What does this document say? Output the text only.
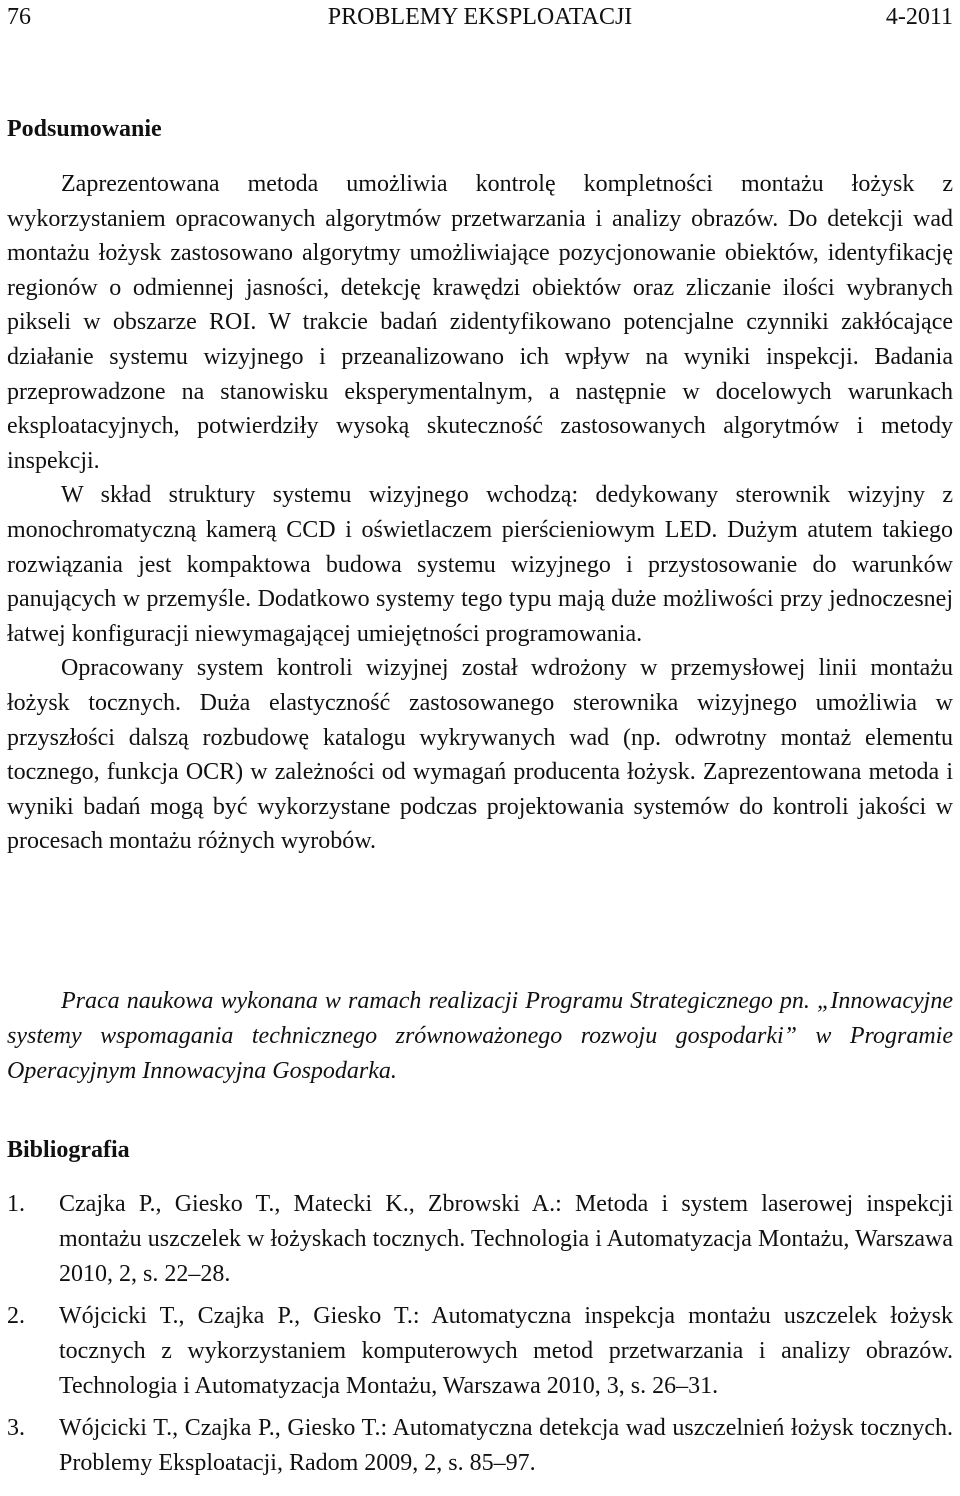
76	PROBLEMY EKSPLOATACJI	4-2011
Podsumowanie

Zaprezentowana metoda umożliwia kontrolę kompletności montażu łożysk z wykorzystaniem opracowanych algorytmów przetwarzania i analizy obrazów. Do detekcji wad montażu łożysk zastosowano algorytmy umożliwiające pozycjonowanie obiektów, identyfikację regionów o odmiennej jasności, detekcję krawędzi obiektów oraz zliczanie ilości wybranych pikseli w obszarze ROI. W trakcie badań zidentyfikowano potencjalne czynniki zakłócające działanie systemu wizyjnego i przeanalizowano ich wpływ na wyniki inspekcji. Badania przeprowadzone na stanowisku eksperymentalnym, a następnie w docelowych warunkach eksploatacyjnych, potwierdziły wysoką skuteczność zastosowanych algorytmów i metody inspekcji.

W skład struktury systemu wizyjnego wchodzą: dedykowany sterownik wizyjny z monochromatyczną kamerą CCD i oświetlaczem pierścieniowym LED. Dużym atutem takiego rozwiązania jest kompaktowa budowa systemu wizyjnego i przystosowanie do warunków panujących w przemyśle. Dodatkowo systemy tego typu mają duże możliwości przy jednoczesnej łatwej konfiguracji niewymagającej umiejętności programowania.

Opracowany system kontroli wizyjnej został wdrożony w przemysłowej linii montażu łożysk tocznych. Duża elastyczność zastosowanego sterownika wizyjnego umożliwia w przyszłości dalszą rozbudowę katalogu wykrywanych wad (np. odwrotny montaż elementu tocznego, funkcja OCR) w zależności od wymagań producenta łożysk. Zaprezentowana metoda i wyniki badań mogą być wykorzystane podczas projektowania systemów do kontroli jakości w procesach montażu różnych wyrobów.

Praca naukowa wykonana w ramach realizacji Programu Strategicznego pn. „Innowacyjne systemy wspomagania technicznego zrównoważonego rozwoju gospodarki” w Programie Operacyjnym Innowacyjna Gospodarka.

Bibliografia
1. Czajka P., Giesko T., Matecki K., Zbrowski A.: Metoda i system laserowej inspekcji montażu uszczelek w łożyskach tocznych. Technologia i Automatyzacja Montażu, Warszawa 2010, 2, s. 22–28.
2. Wójcicki T., Czajka P., Giesko T.: Automatyczna inspekcja montażu uszczelek łożysk tocznych z wykorzystaniem komputerowych metod przetwarzania i analizy obrazów. Technologia i Automatyzacja Montażu, Warszawa 2010, 3, s. 26–31.
3. Wójcicki T., Czajka P., Giesko T.: Automatyczna detekcja wad uszczelnień łożysk tocznych. Problemy Eksploatacji, Radom 2009, 2, s. 85–97.
